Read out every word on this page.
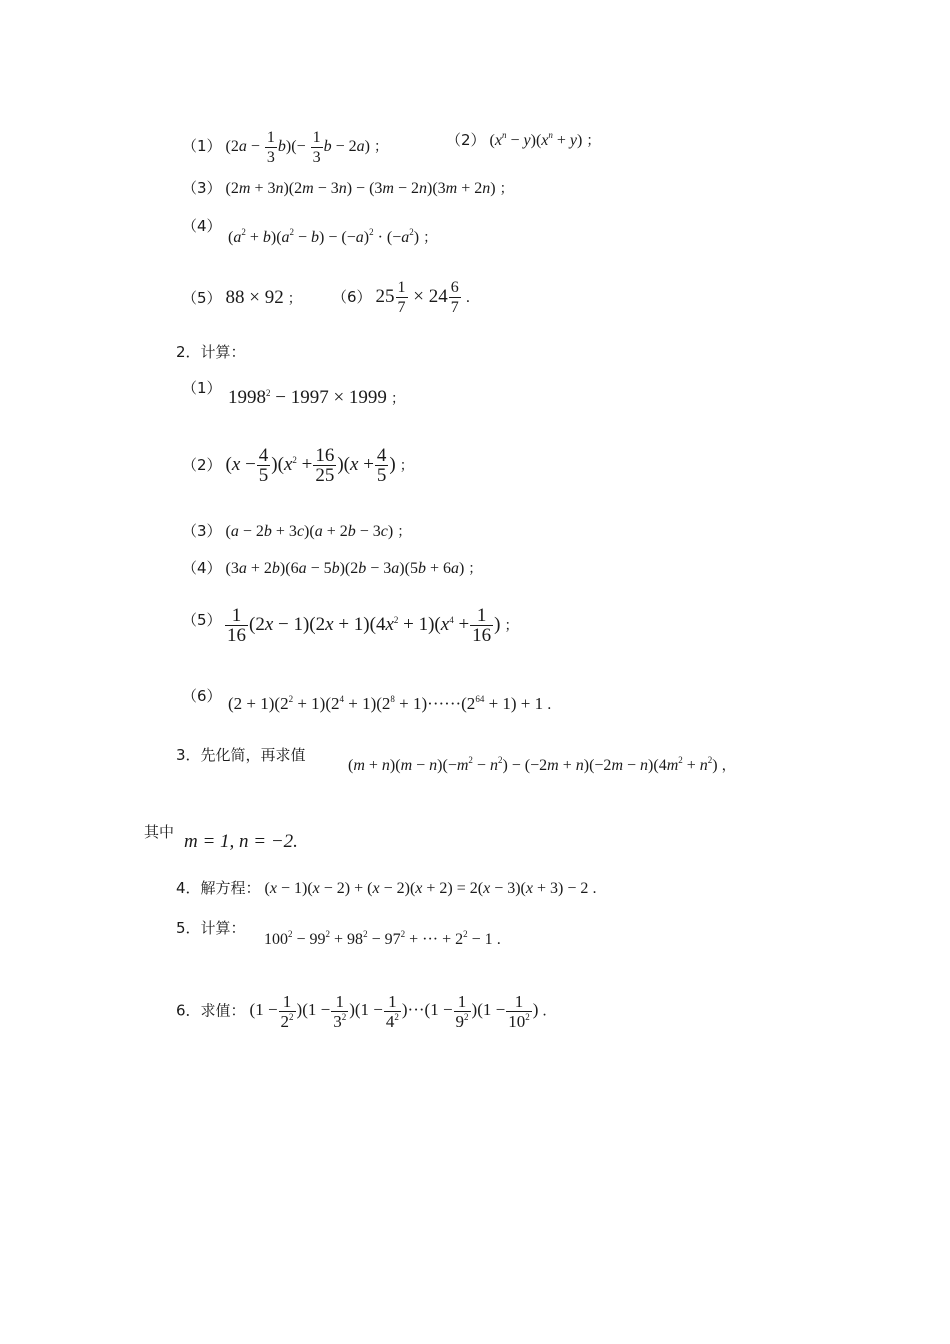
（1） $(2a - \frac{1}{3} b)(- \frac{1}{3}$ b − 2a) ；	（2） $(x^n - y)(x^n + y)$ ；
（3） (2m + 3n)(2m − 3n) − (3m − 2n)(3m + 2n) ；
（4）
$(a^2 + b)(a^2 - b) - (-a)^2 \cdot (-a^2)$ ；
（5） 88 × 92 ； （6） $25 \frac{1}{7} \times 24 \frac{6}{7}$ ．
2．计算：
（1） $1998^2 - 1997 \times 1999$ ；
（2） $(x - \frac{4}{5} )(x^2 + \frac{16}{25} )(x + \frac{4}{5}$ ) ；
（3） (a − 2b + 3c)(a + 2b − 3c) ；
（4） (3a + 2b)(6a − 5b)(2b − 3a)(5b + 6a) ；
$(5) \frac{1}{16} (2x - 1)(2x + 1)(4x^2 + 1)(x^4 + \frac{1}{16}$ ) ；
（6） $(2 + 1)(2^2 + 1)(2^4 + 1)(2^8 + 1)\cdot\cdot\cdot\cdot\cdot\cdot(2^{64} + 1) + 1$ ．
3．先化简，再求值
$(m + n)(m - n)(-m^2 - n^2) - (-2m + n)(-2m - n)(4m^2 + n^2)$ ，
其中 m = 1, n = −2.
4．解方程： (x − 1)(x − 2) + (x − 2)(x + 2) = 2(x − 3)(x + 3) − 2 ．
5．计算：
$100^2 - 99^2 + 98^2 - 97^2$ + ··· + $2^2 - 1$ ．
6．求值： $(1 - \frac{1}{2^2} )(1 - \frac{1}{3^2} )(1 - \frac{1}{4^2} )\cdot\cdot\cdot(1 - \frac{1}{9^2} )(1 - \frac{1}{10^2}$ ) ．
